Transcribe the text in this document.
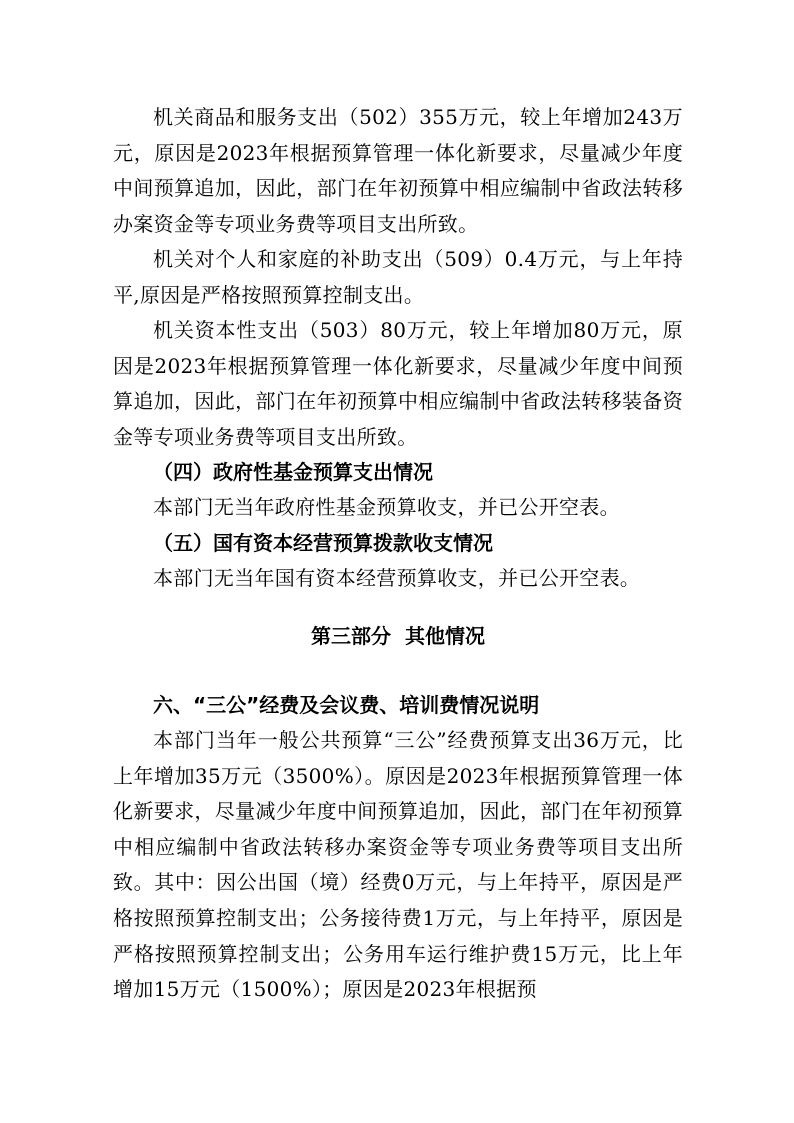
机关商品和服务支出（502）355万元，较上年增加243万元，原因是2023年根据预算管理一体化新要求，尽量减少年度中间预算追加，因此，部门在年初预算中相应编制中省政法转移办案资金等专项业务费等项目支出所致。

机关对个人和家庭的补助支出（509）0.4万元，与上年持平,原因是严格按照预算控制支出。

机关资本性支出（503）80万元，较上年增加80万元，原因是2023年根据预算管理一体化新要求，尽量减少年度中间预算追加，因此，部门在年初预算中相应编制中省政法转移装备资金等专项业务费等项目支出所致。

（四）政府性基金预算支出情况

本部门无当年政府性基金预算收支，并已公开空表。

（五）国有资本经营预算拨款收支情况

本部门无当年国有资本经营预算收支，并已公开空表。

第三部分  其他情况

六、“三公”经费及会议费、培训费情况说明

本部门当年一般公共预算“三公”经费预算支出36万元，比上年增加35万元（3500%）。原因是2023年根据预算管理一体化新要求，尽量减少年度中间预算追加，因此，部门在年初预算中相应编制中省政法转移办案资金等专项业务费等项目支出所致。其中：因公出国（境）经费0万元，与上年持平，原因是严格按照预算控制支出；公务接待费1万元，与上年持平，原因是严格按照预算控制支出；公务用车运行维护费15万元，比上年增加15万元（1500%）；原因是2023年根据预
